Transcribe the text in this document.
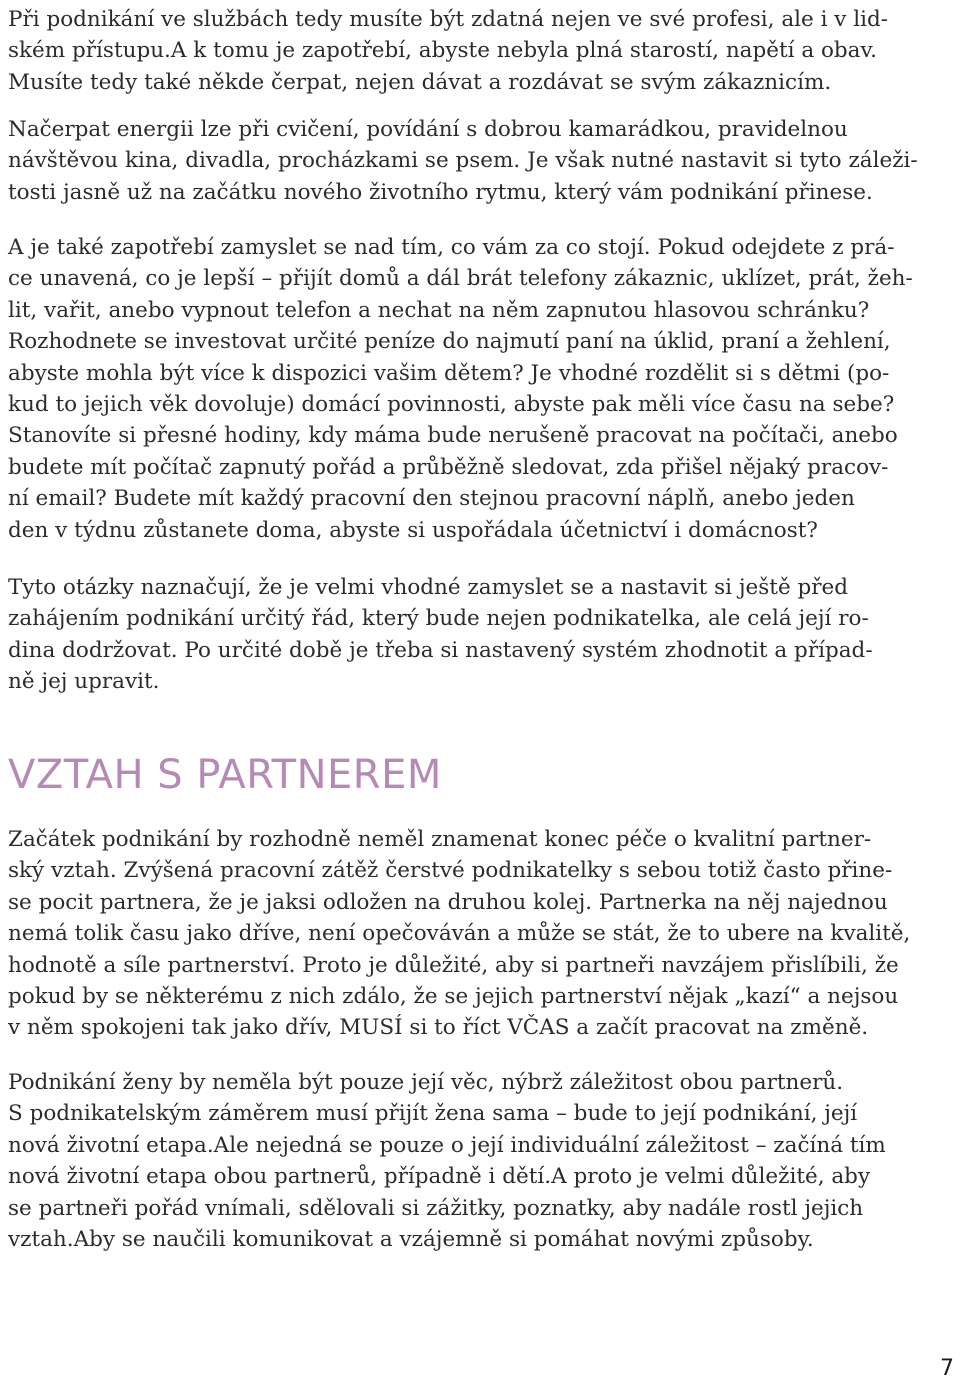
Při podnikání ve službách tedy musíte být zdatná nejen ve své profesi, ale i v lid-
ském přístupu.A k tomu je zapotřebí, abyste nebyla plná starostí, napětí a obav.
Musíte tedy také někde čerpat, nejen dávat a rozdávat se svým zákaznicím.
Načerpat energii lze při cvičení, povídání s dobrou kamarádkou, pravidelnou
návštěvou kina, divadla, procházkami se psem. Je však nutné nastavit si tyto záleži-
tosti jasně už na začátku nového životního rytmu, který vám podnikání přinese.
A je také zapotřebí zamyslet se nad tím, co vám za co stojí. Pokud odejdete z prá-
ce unavená, co je lepší – přijít domů a dál brát telefony zákaznic, uklízet, prát, žeh-
lit, vařit, anebo vypnout telefon a nechat na něm zapnutou hlasovou schránku?
Rozhodnete se investovat určité peníze do najmutí paní na úklid, praní a žehlení,
abyste mohla být více k dispozici vašim dětem? Je vhodné rozdělit si s dětmi (po-
kud to jejich věk dovoluje) domácí povinnosti, abyste pak měli více času na sebe?
Stanovíte si přesné hodiny, kdy máma bude nerušeně pracovat na počítači, anebo
budete mít počítač zapnutý pořád a průběžně sledovat, zda přišel nějaký pracov-
ní email? Budete mít každý pracovní den stejnou pracovní náplň, anebo jeden
den v týdnu zůstanete doma, abyste si uspořádala účetnictví i domácnost?
Tyto otázky naznačují, že je velmi vhodné zamyslet se a nastavit si ještě před
zahájením podnikání určitý řád, který bude nejen podnikatelka, ale celá její ro-
dina dodržovat. Po určité době je třeba si nastavený systém zhodnotit a případ-
ně jej upravit.
Začátek podnikání by rozhodně neměl znamenat konec péče o kvalitní partner-
ský vztah. Zvýšená pracovní zátěž čerstvé podnikatelky s sebou totiž často přine-
se pocit partnera, že je jaksi odložen na druhou kolej. Partnerka na něj najednou
nemá tolik času jako dříve, není opečováván a může se stát, že to ubere na kvalitě,
hodnotě a síle partnerství. Proto je důležité, aby si partneři navzájem přislíbili, že
pokud by se některému z nich zdálo, že se jejich partnerství nějak „kazí“ a nejsou
v něm spokojeni tak jako dřív, MUSÍ si to říct VČAS a začít pracovat na změně.
Podnikání ženy by neměla být pouze její věc, nýbrž záležitost obou partnerů.
S podnikatelským záměrem musí přijít žena sama – bude to její podnikání, její
nová životní etapa.Ale nejedná se pouze o její individuální záležitost – začíná tím
nová životní etapa obou partnerů, případně i dětí.A proto je velmi důležité, aby
se partneři pořád vnímali, sdělovali si zážitky, poznatky, aby nadále rostl jejich
vztah.Aby se naučili komunikovat a vzájemně si pomáhat novými způsoby.
VZTAH S PARTNEREM
7
